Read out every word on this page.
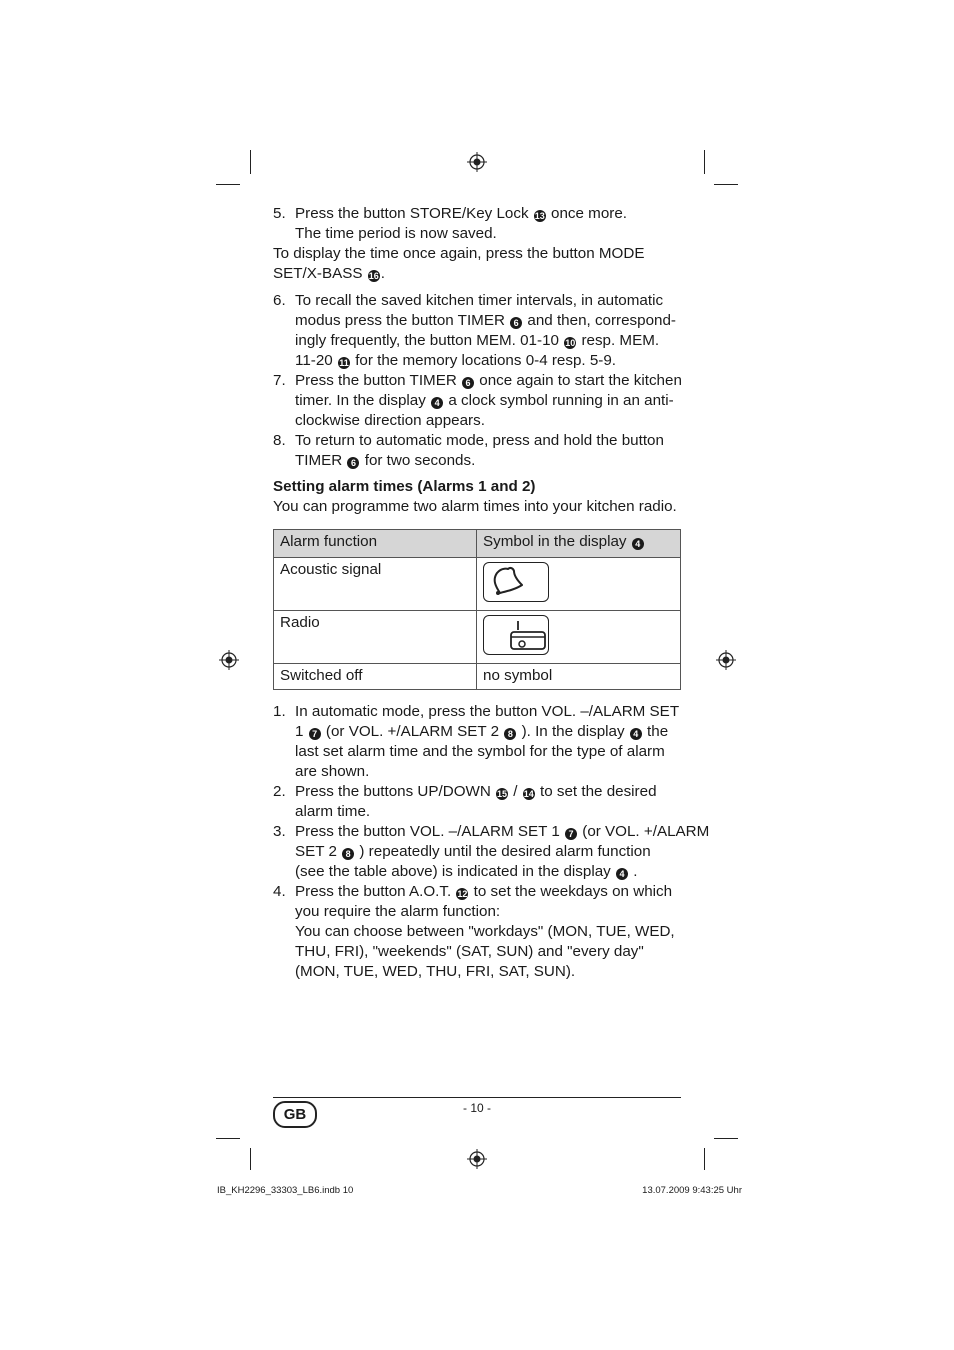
5. Press the button STORE/Key Lock 13 once more.
The time period is now saved.
To display the time once again, press the button MODE
SET/X-BASS 16 .
6. To recall the saved kitchen timer intervals, in automatic
modus press the button TIMER 6 and then, correspond-
ingly frequently, the button MEM. 01-10 10 resp. MEM.
11-20 11 for the memory locations 0-4 resp. 5-9.
7. Press the button TIMER 6 once again to start the kitchen
timer. In the display 4 a clock symbol running in an anti-
clockwise direction appears.
8. To return to automatic mode, press and hold the button
TIMER 6 for two seconds.
Setting alarm times (Alarms 1 and 2)
You can programme two alarm times into your kitchen radio.
Alarm function	Symbol in the display 4
Acoustic signal	

Radio	

Switched off	no symbol
1. In automatic mode, press the button VOL. –/ALARM SET
1 7 (or VOL. +/ALARM SET 2 8 ). In the display 4 the
last set alarm time and the symbol for the type of alarm
are shown.
2. Press the buttons UP/DOWN 15 / 14 to set the desired
alarm time.
3. Press the button VOL. –/ALARM SET 1 7 (or VOL. +/ALARM
SET 2 8 ) repeatedly until the desired alarm function
(see the table above) is indicated in the display 4 .
4. Press the button A.O.T. 12 to set the weekdays on which
you require the alarm function:
You can choose between "workdays" (MON, TUE, WED,
THU, FRI), "weekends" (SAT, SUN) and "every day"
(MON, TUE, WED, THU, FRI, SAT, SUN).
GB	- 10 -
IB_KH2296_33303_LB6.indb 10	13.07.2009 9:43:25 Uhr
